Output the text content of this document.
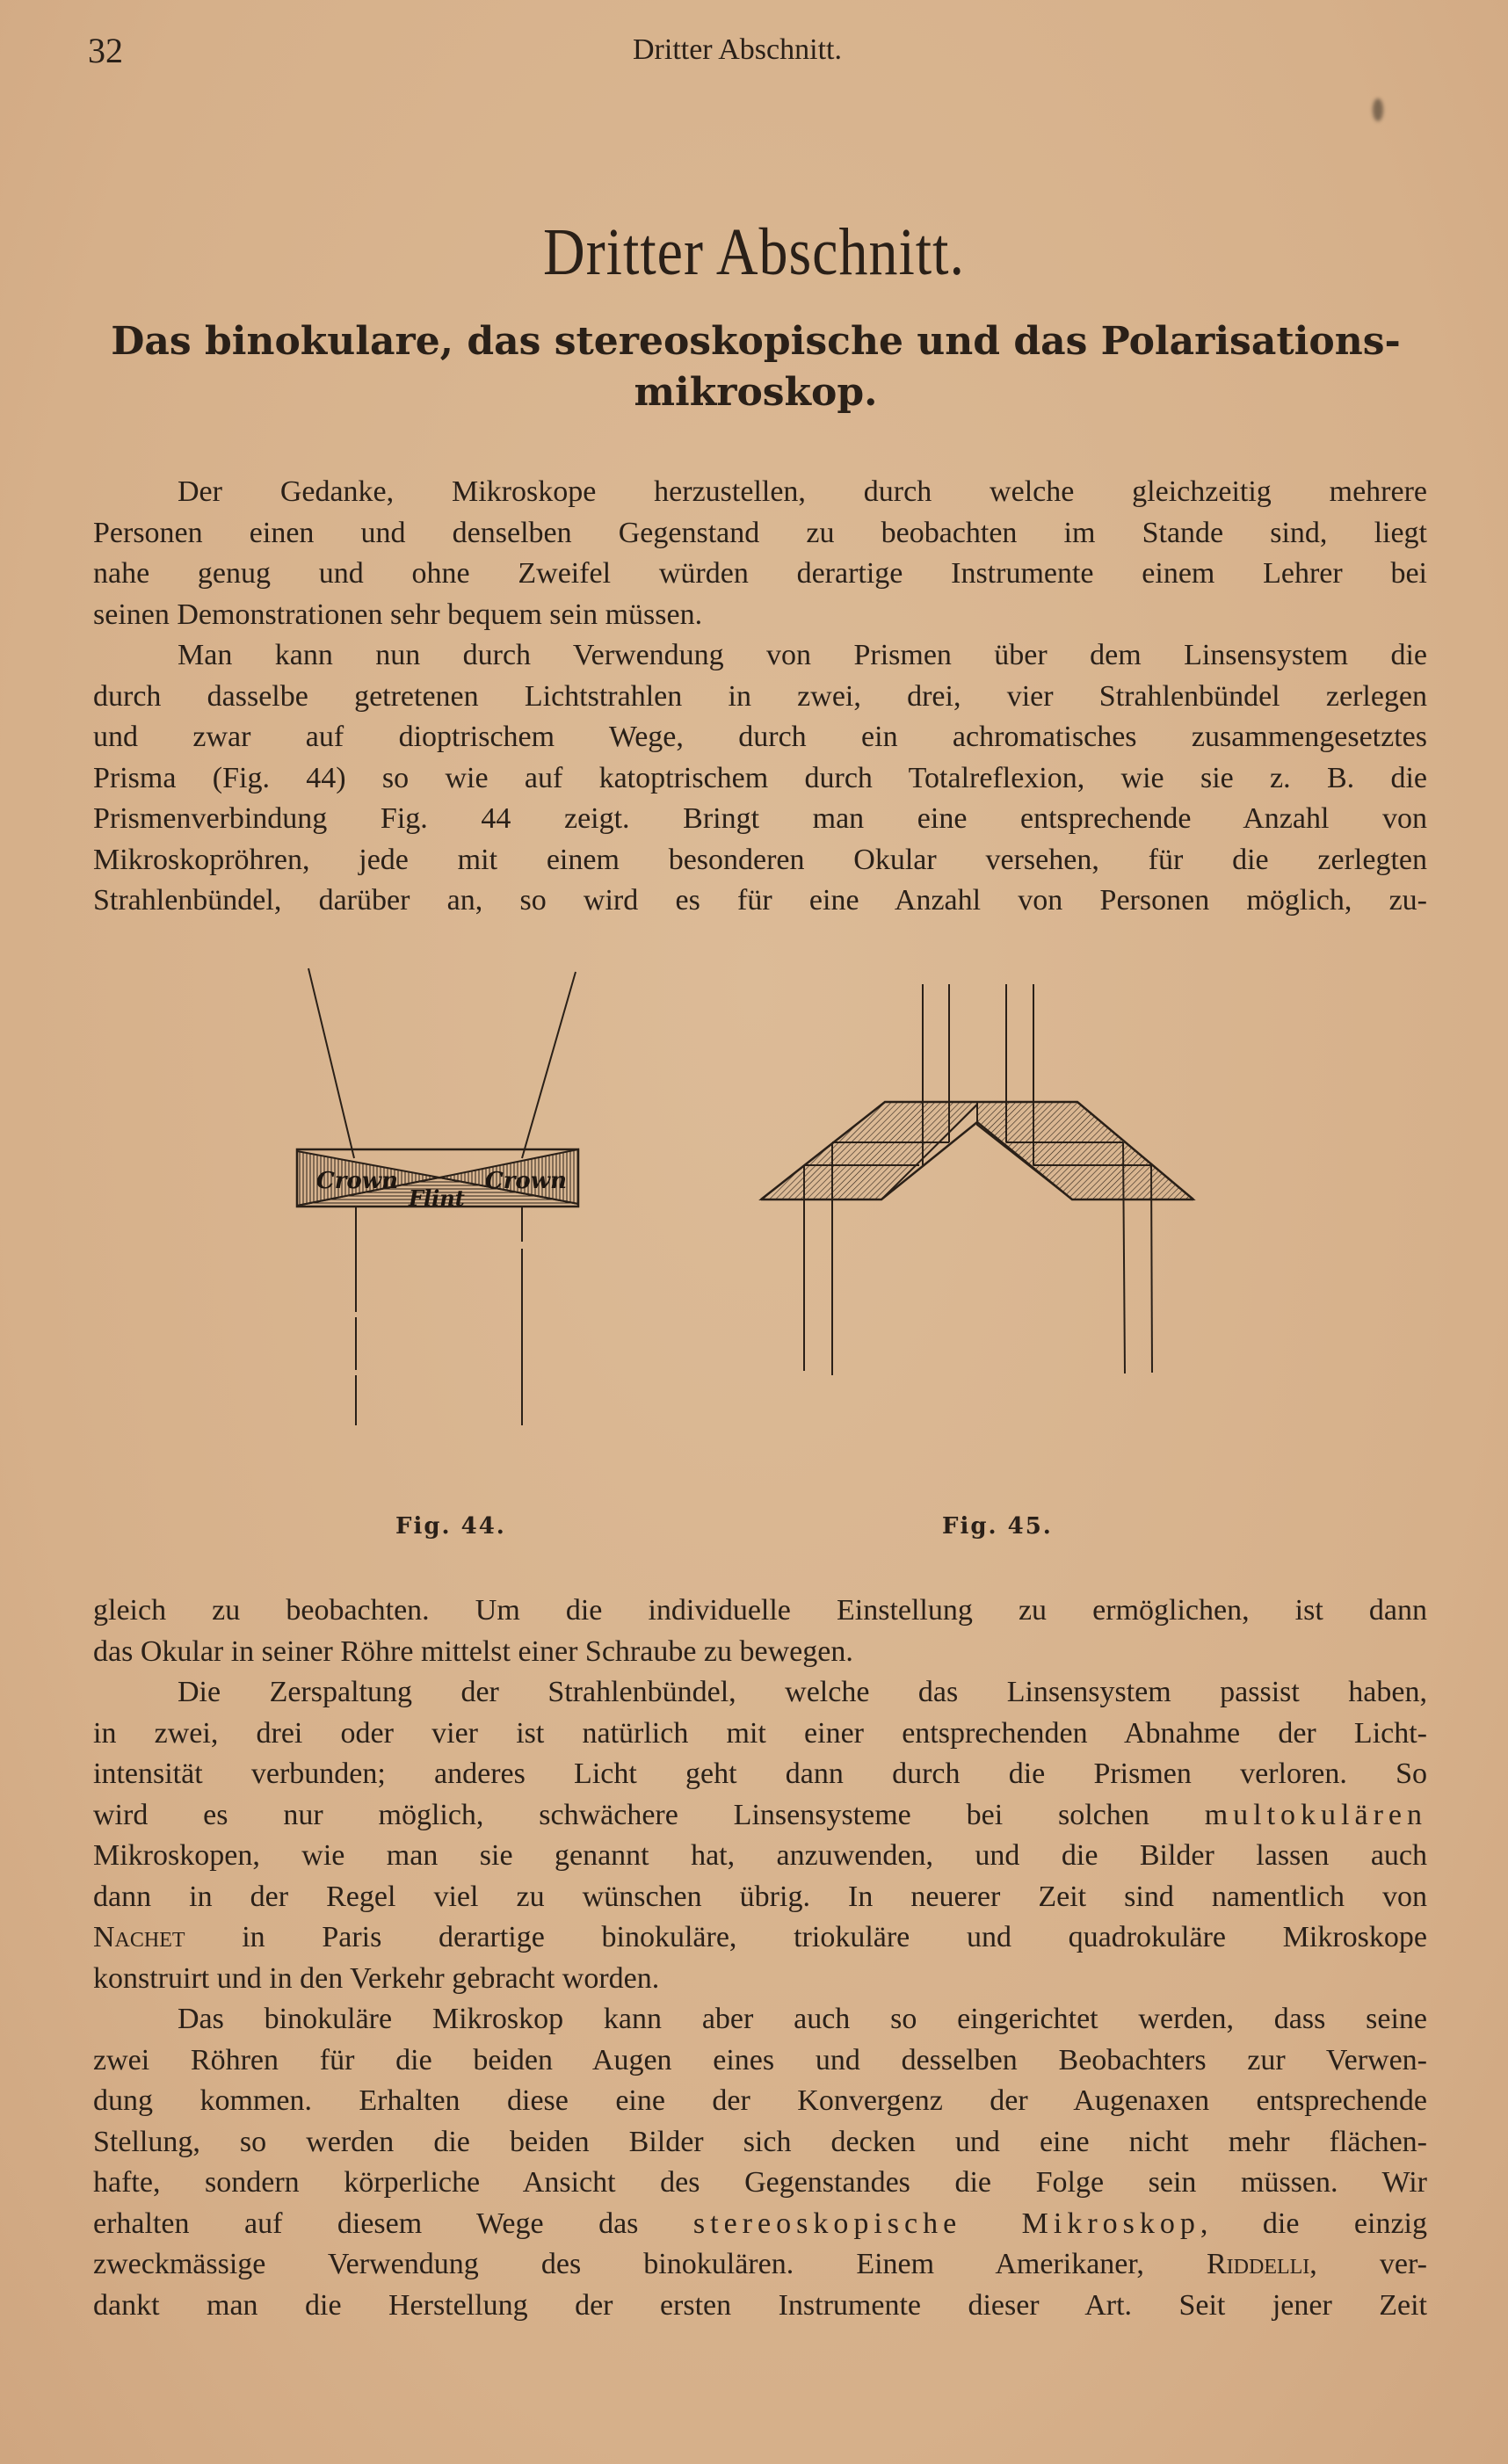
32	Dritter Abschnitt.
Dritter Abschnitt.
Das binokulare, das stereoskopische und das Polarisations-
mikroskop.
Der Gedanke, Mikroskope herzustellen, durch welche gleichzeitig mehrere
Personen einen und denselben Gegenstand zu beobachten im Stande sind, liegt
nahe genug und ohne Zweifel würden derartige Instrumente einem Lehrer bei
seinen Demonstrationen sehr bequem sein müssen.
Man kann nun durch Verwendung von Prismen über dem Linsensystem die
durch dasselbe getretenen Lichtstrahlen in zwei, drei, vier Strahlenbündel zerlegen
und zwar auf dioptrischem Wege, durch ein achromatisches zusammengesetztes
Prisma (Fig. 44) so wie auf katoptrischem durch Totalreflexion, wie sie z. B. die
Prismenverbindung Fig. 44 zeigt. Bringt man eine entsprechende Anzahl von
Mikroskopröhren, jede mit einem besonderen Okular versehen, für die zerlegten
Strahlenbündel, darüber an, so wird es für eine Anzahl von Personen möglich, zu-
Crown	Crown
Flint
Fig. 44.	Fig. 45.
gleich zu beobachten. Um die individuelle Einstellung zu ermöglichen, ist dann
das Okular in seiner Röhre mittelst einer Schraube zu bewegen.
Die Zerspaltung der Strahlenbündel, welche das Linsensystem passist haben,
in zwei, drei oder vier ist natürlich mit einer entsprechenden Abnahme der Licht-
intensität verbunden; anderes Licht geht dann durch die Prismen verloren. So
wird es nur möglich, schwächere Linsensysteme bei solchen multokulären
Mikroskopen, wie man sie genannt hat, anzuwenden, und die Bilder lassen auch
dann in der Regel viel zu wünschen übrig. In neuerer Zeit sind namentlich von
Nachet in Paris derartige binokuläre, triokuläre und quadrokuläre Mikroskope
konstruirt und in den Verkehr gebracht worden.
Das binokuläre Mikroskop kann aber auch so eingerichtet werden, dass seine
zwei Röhren für die beiden Augen eines und desselben Beobachters zur Verwen-
dung kommen. Erhalten diese eine der Konvergenz der Augenaxen entsprechende
Stellung, so werden die beiden Bilder sich decken und eine nicht mehr flächen-
hafte, sondern körperliche Ansicht des Gegenstandes die Folge sein müssen. Wir
erhalten auf diesem Wege das stereoskopische Mikroskop, die einzig
zweckmässige Verwendung des binokulären. Einem Amerikaner, Riddelli, ver-
dankt man die Herstellung der ersten Instrumente dieser Art. Seit jener Zeit
